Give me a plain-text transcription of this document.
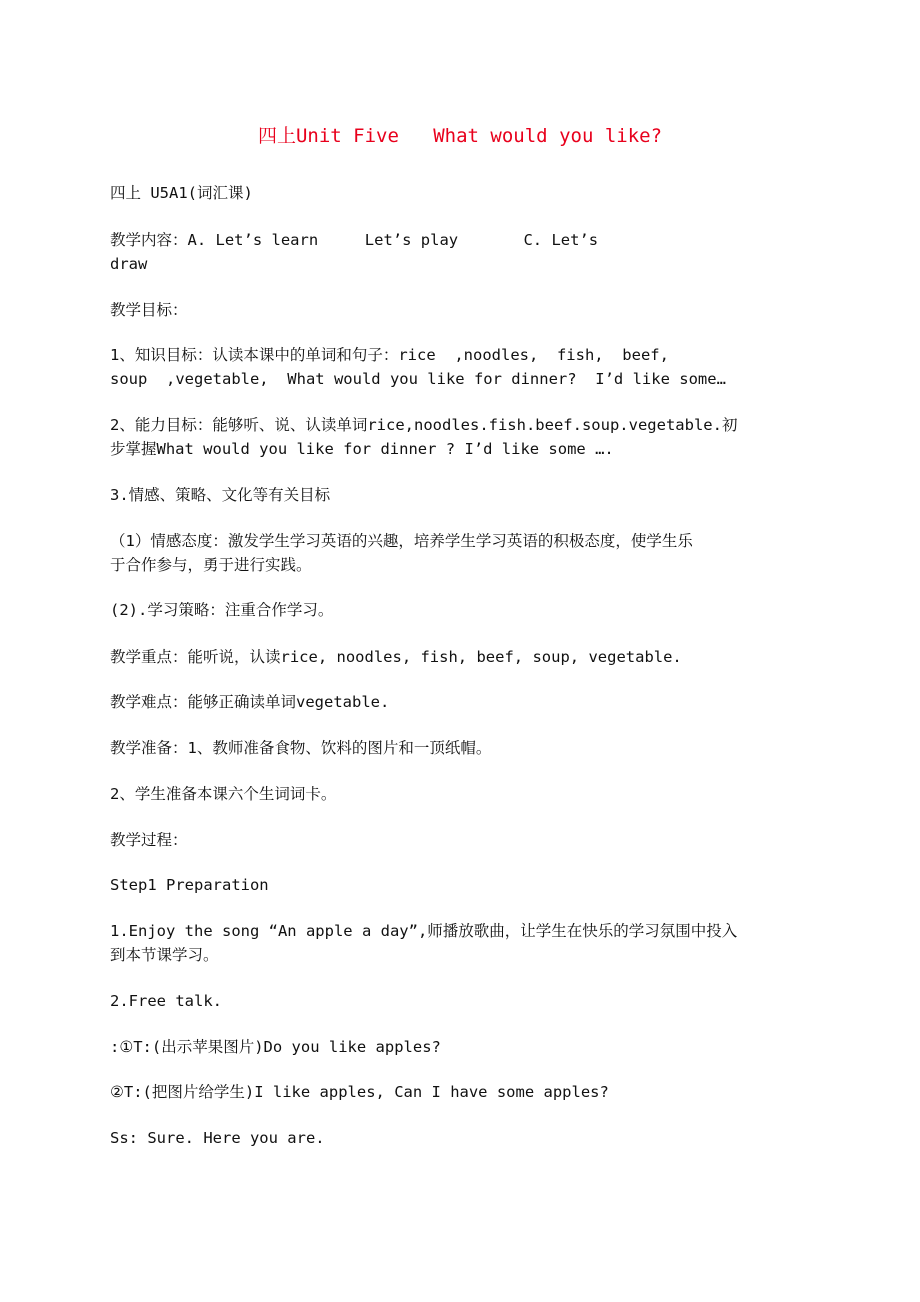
四上Unit Five   What would you like?
四上 U5A1(词汇课)
教学内容：A. Let’s learn     Let’s play       C. Let’s
draw
教学目标：
1、知识目标：认读本课中的单词和句子：rice  ,noodles,  fish,  beef,
soup  ,vegetable,  What would you like for dinner?  I’d like some…
2、能力目标：能够听、说、认读单词rice,noodles.fish.beef.soup.vegetable.初
步掌握What would you like for dinner ? I’d like some ….
3.情感、策略、文化等有关目标
（1）情感态度：激发学生学习英语的兴趣，培养学生学习英语的积极态度，使学生乐
于合作参与，勇于进行实践。
(2).学习策略：注重合作学习。
教学重点：能听说，认读rice, noodles, fish, beef, soup, vegetable.
教学难点：能够正确读单词vegetable.
教学准备：1、教师准备食物、饮料的图片和一顶纸帽。
2、学生准备本课六个生词词卡。
教学过程：
Step1 Preparation
1.Enjoy the song “An apple a day”,师播放歌曲，让学生在快乐的学习氛围中投入
到本节课学习。
2.Free talk.
:①T:(出示苹果图片)Do you like apples?
②T:(把图片给学生)I like apples, Can I have some apples?
Ss: Sure. Here you are.
